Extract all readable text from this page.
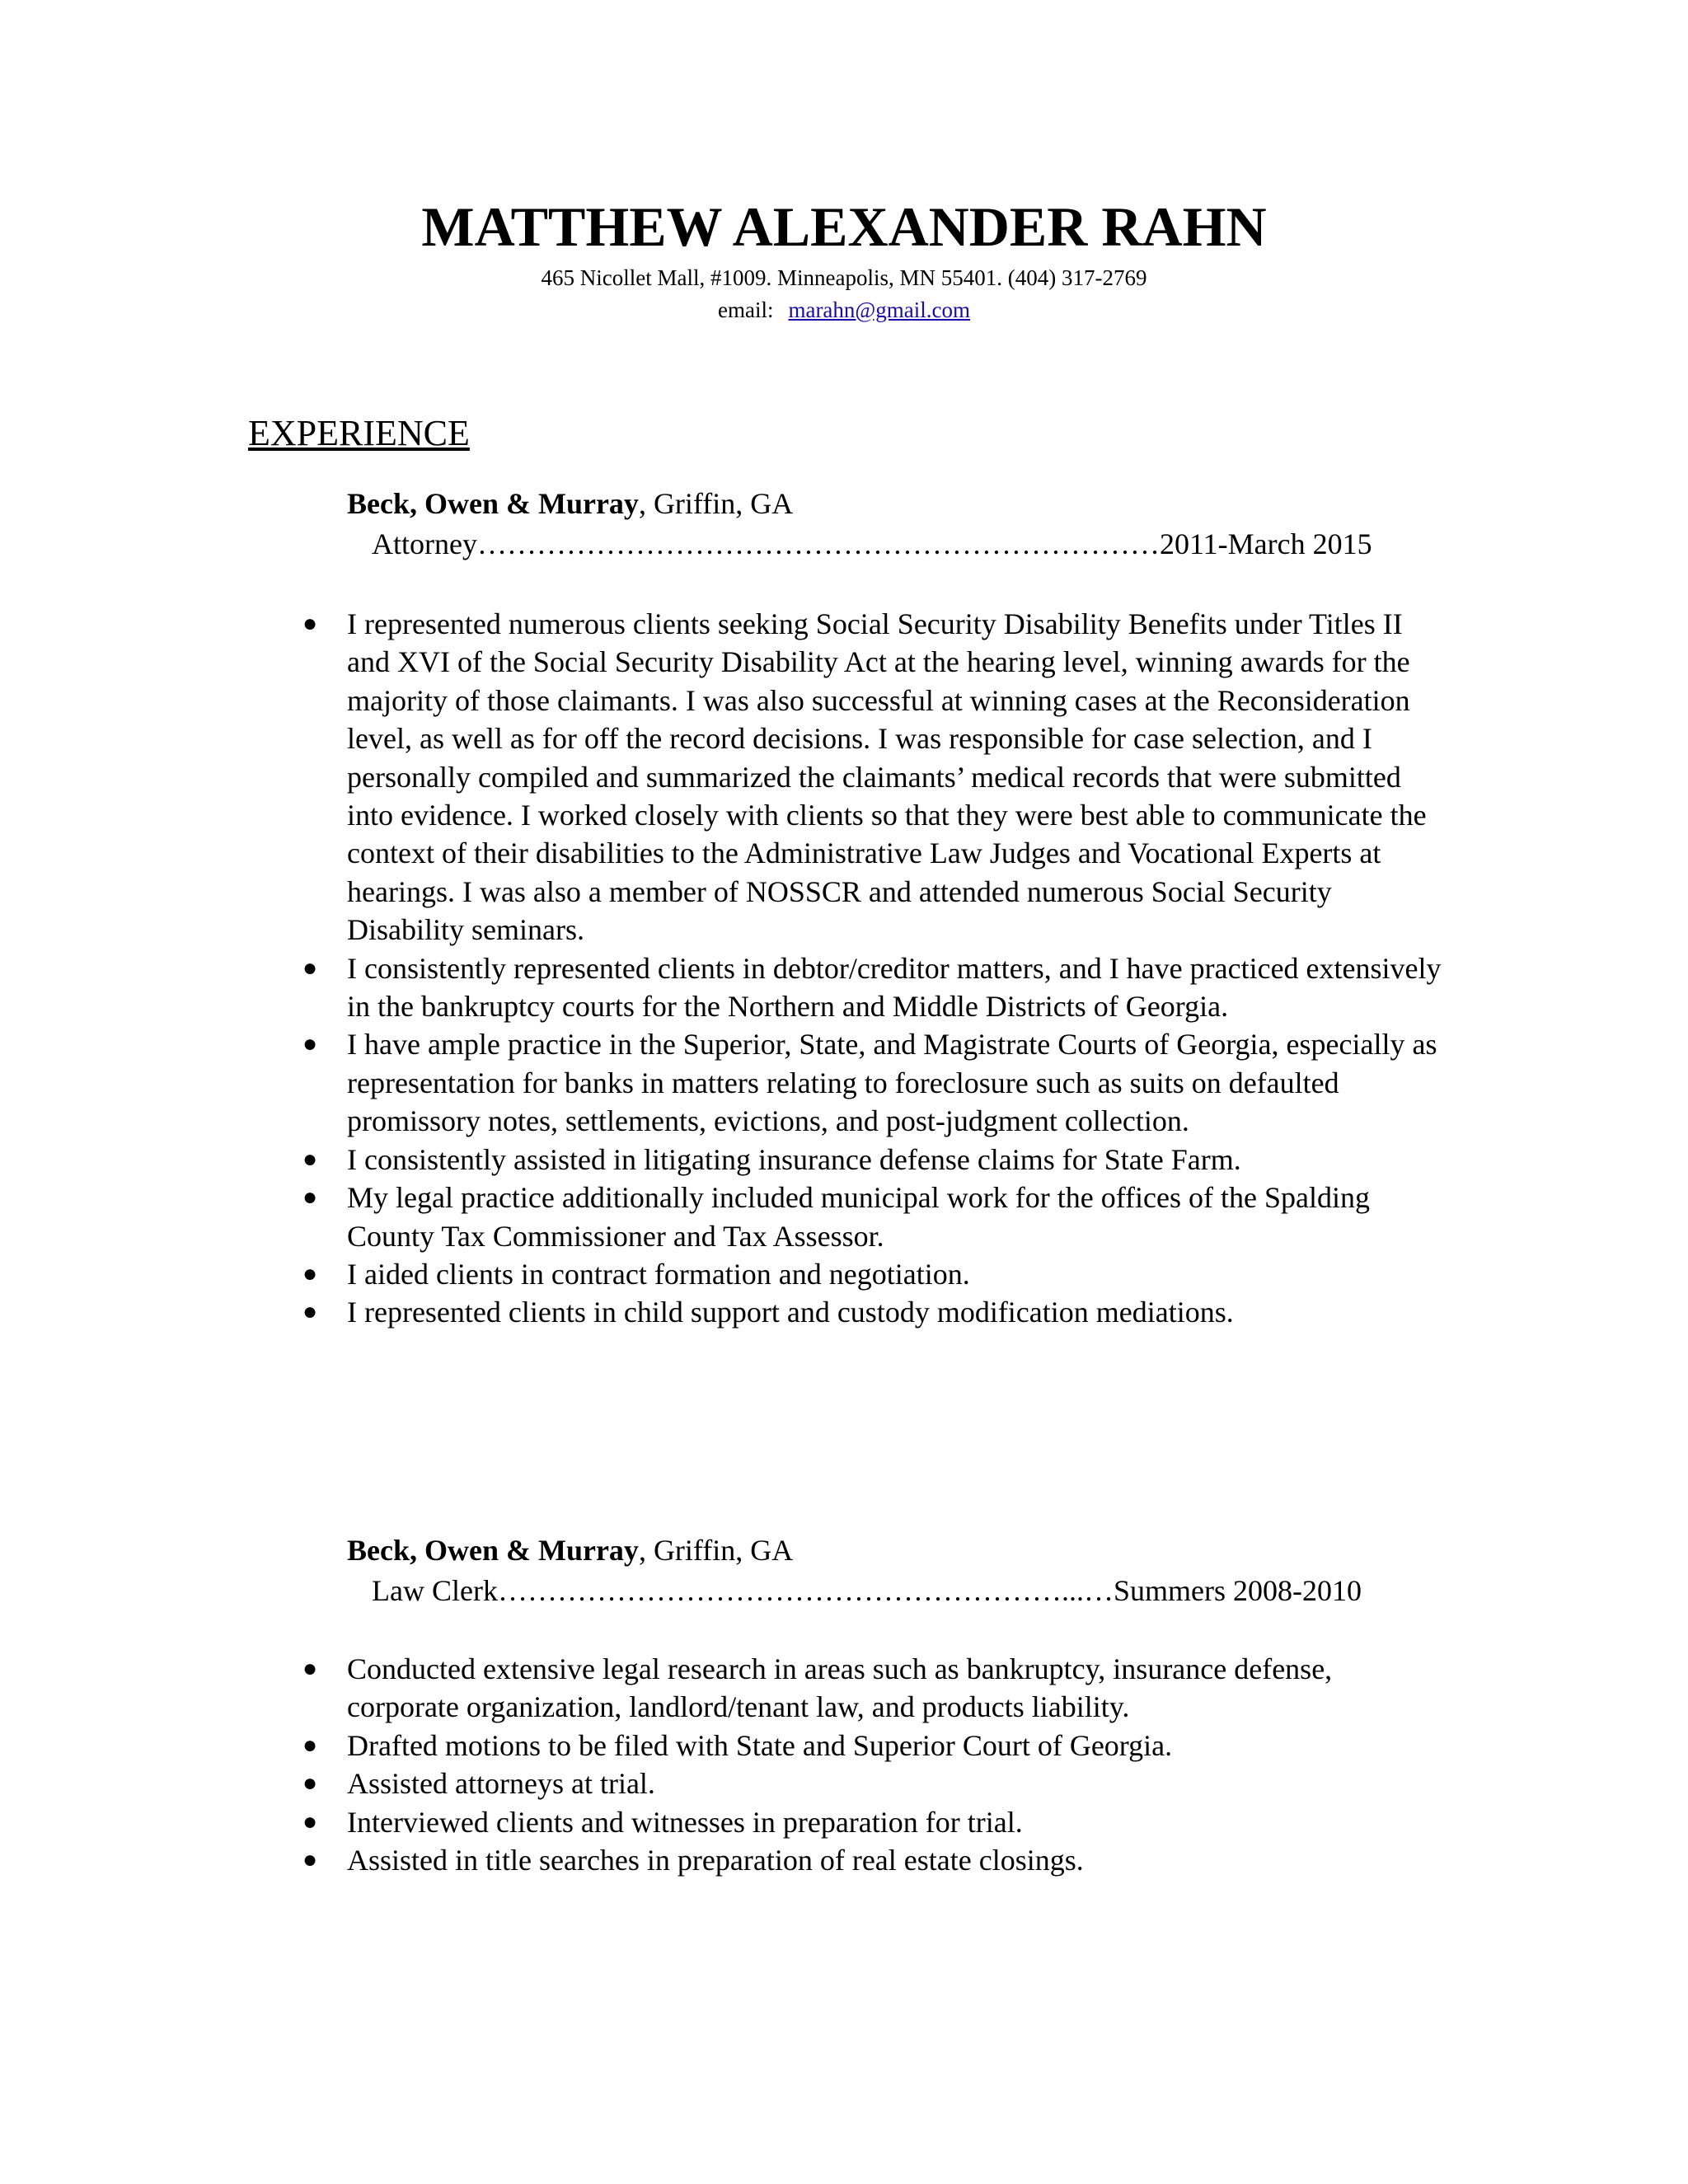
MATTHEW ALEXANDER RAHN
465 Nicollet Mall, #1009. Minneapolis, MN 55401. (404) 317-2769
email: marahn@gmail.com
EXPERIENCE
Beck, Owen & Murray, Griffin, GA
Attorney……………………………………………………………2011-March 2015
● I represented numerous clients seeking Social Security Disability Benefits under Titles II and XVI of the Social Security Disability Act at the hearing level, winning awards for the majority of those claimants. I was also successful at winning cases at the Reconsideration level, as well as for off the record decisions. I was responsible for case selection, and I personally compiled and summarized the claimants’ medical records that were submitted into evidence. I worked closely with clients so that they were best able to communicate the context of their disabilities to the Administrative Law Judges and Vocational Experts at hearings. I was also a member of NOSSCR and attended numerous Social Security Disability seminars.
● I consistently represented clients in debtor/creditor matters, and I have practiced extensively in the bankruptcy courts for the Northern and Middle Districts of Georgia.
● I have ample practice in the Superior, State, and Magistrate Courts of Georgia, especially as representation for banks in matters relating to foreclosure such as suits on defaulted promissory notes, settlements, evictions, and post-judgment collection.
● I consistently assisted in litigating insurance defense claims for State Farm.
● My legal practice additionally included municipal work for the offices of the Spalding County Tax Commissioner and Tax Assessor.
● I aided clients in contract formation and negotiation.
● I represented clients in child support and custody modification mediations.
Beck, Owen & Murray, Griffin, GA
Law Clerk…………………………………………………...…Summers 2008-2010
● Conducted extensive legal research in areas such as bankruptcy, insurance defense, corporate organization, landlord/tenant law, and products liability.
● Drafted motions to be filed with State and Superior Court of Georgia.
● Assisted attorneys at trial.
● Interviewed clients and witnesses in preparation for trial.
● Assisted in title searches in preparation of real estate closings.
